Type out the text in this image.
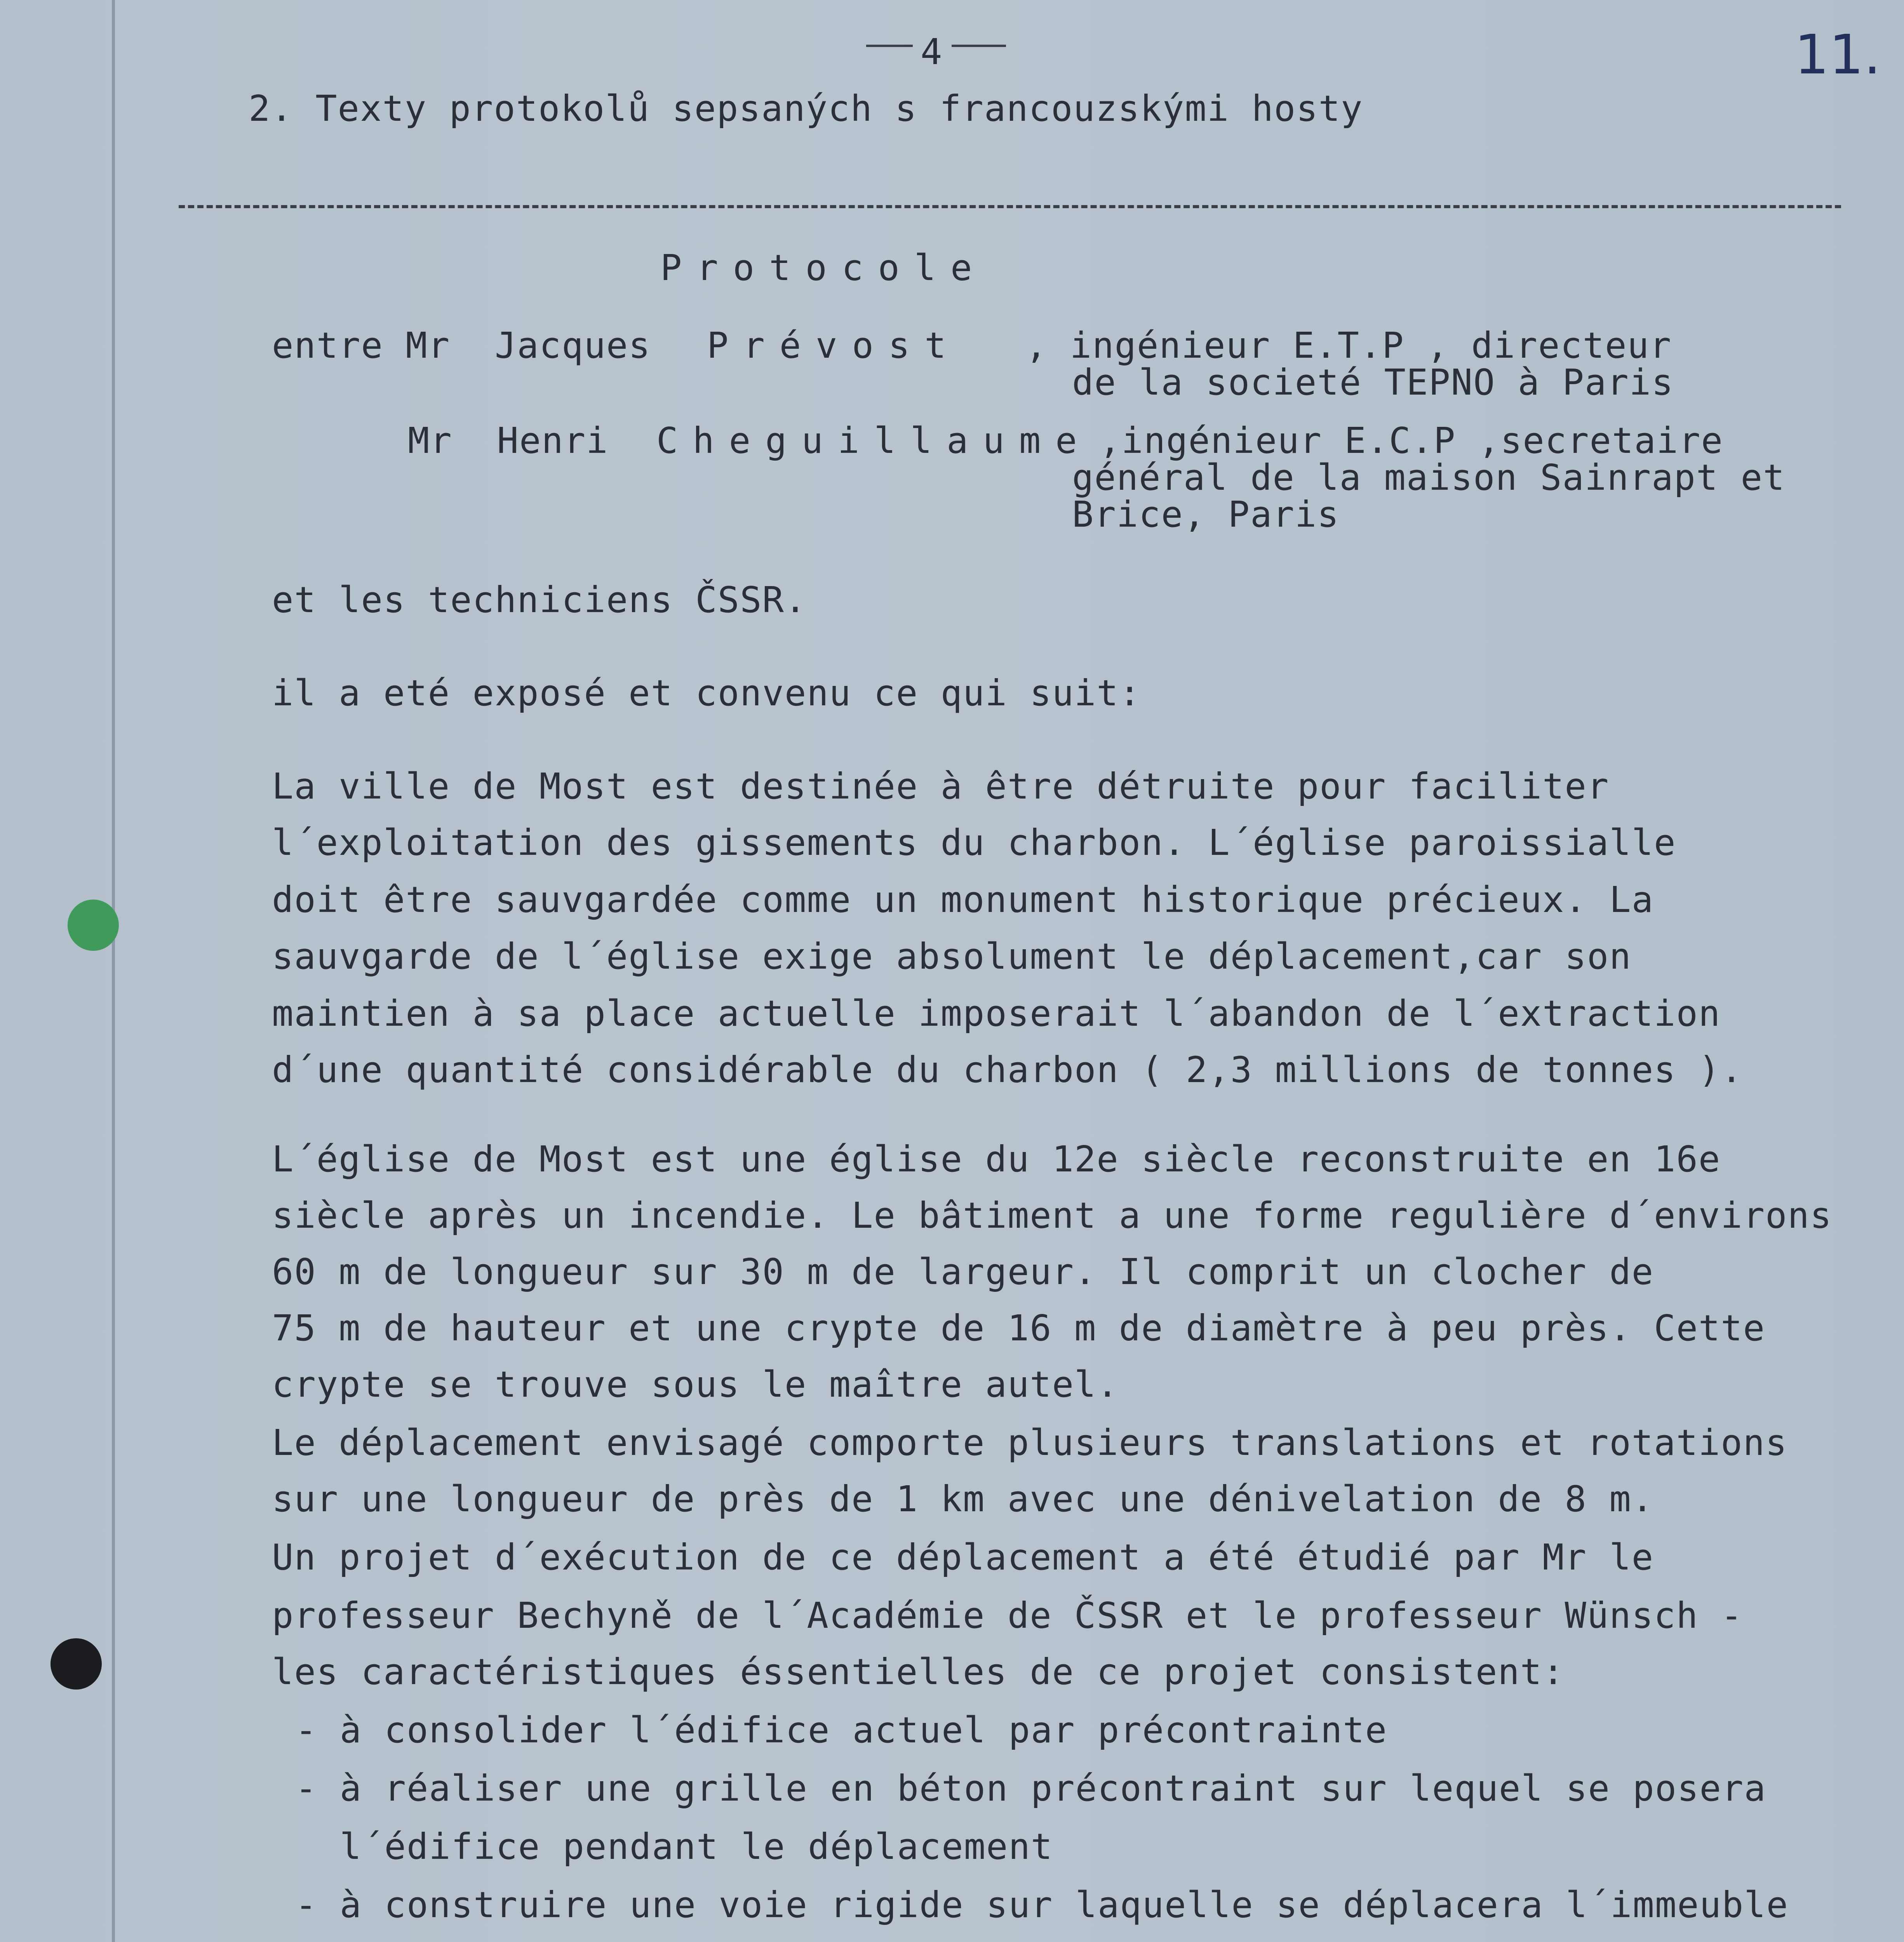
4	11.
2. Texty protokolů sepsaných s francouzskými hosty
Protocole
entre Mr  Jacques Prévost , ingénieur E.T.P , directeur
de la societé TEPNO à Paris
Mr  Henri Cheguillaume ,ingénieur E.C.P ,secretaire
général de la maison Sainrapt et
Brice, Paris
et les techniciens ČSSR.
il a eté exposé et convenu ce qui suit:
La ville de Most est destinée à être détruite pour faciliter
l´exploitation des gissements du charbon. L´église paroissialle
doit être sauvgardée comme un monument historique précieux. La
sauvgarde de l´église exige absolument le déplacement,car son
maintien à sa place actuelle imposerait l´abandon de l´extraction
d´une quantité considérable du charbon ( 2,3 millions de tonnes ).
L´église de Most est une église du 12e siècle reconstruite en 16e
siècle après un incendie. Le bâtiment a une forme regulière d´environs
60 m de longueur sur 30 m de largeur. Il comprit un clocher de
75 m de hauteur et une crypte de 16 m de diamètre à peu près. Cette
crypte se trouve sous le maître autel.
Le déplacement envisagé comporte plusieurs translations et rotations
sur une longueur de près de 1 km avec une dénivelation de 8 m.
Un projet d´exécution de ce déplacement a été étudié par Mr le
professeur Bechyně de l´Académie de ČSSR et le professeur Wünsch -
les caractéristiques éssentielles de ce projet consistent:
- à consolider l´édifice actuel par précontrainte
- à réaliser une grille en béton précontraint sur lequel se posera
l´édifice pendant le déplacement
- à construire une voie rigide sur laquelle se déplacera l´immeuble
